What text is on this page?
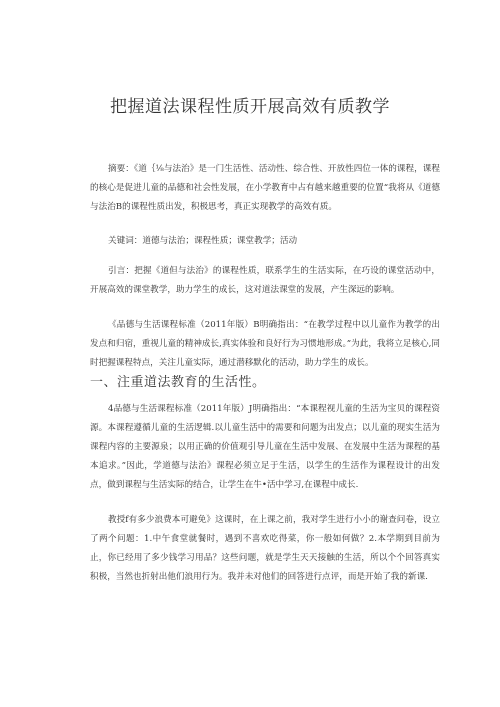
把握道法课程性质开展高效有质教学
摘要：《道｛⅛与法治》是一门生活性、活动性、综合性、开放性四位一体的课程，课程的核心是促进儿童的品德和社会性发展，在小学教育中占有越来越重要的位置“我将从《道德与法治B的课程性质出发，积极思考，真正实现教学的高效有质。
关键词：道德与法治；课程性质；课堂教学；活动
引言：把握《道但与法治》的课程性质，联系学生的生活实际，在巧设的课堂活动中，开展高效的课堂教学，助力学生的成长，这对道法课堂的发展，产生深远的影响。
《品德与生活课程标准（2011年版）B明确指出：“在教学过程中以儿童作为教学的出发点和归宿，重视儿童的精神成长,真实体验和良好行为习惯地形成。”为此，我将立足核心,同时把握课程特点，关注儿童实际，通过潜移默化的活动，助力学生的成长。
一、注重道法教育的生活性。
4品德与生活课程标准（2011年版）J明确指出：“本课程视儿童的生活为宝贝的课程资源。本课程遵循儿童的生活逻辑.以儿童生活中的需要和问题为出发点；以儿童的现实生活为课程内容的主要源泉；以用正确的价值观引导儿童在生活中发展、在发展中生活为课程的基本追求。”因此，学道德与法治》课程必须立足于生活，以学生的生活作为课程设计的出发点，做到课程与生活实际的结合，让学生在牛•活中学习,在课程中成长.
教授f有多少浪费本可避免》这课时，在上课之前，我对学生进行小小的谢查问卷，设立了两个问题：1.中午食堂就餐时，遇到不喜欢吃得菜，你一般如何做？2.本学期到目前为止，你已经用了多少钱学习用品？这些问题，就是学生天天接触的生活，所以个个回答真实积极，当然也折射出他们浪用行为。我并未对他们的回答进行点评，而是开始了我的新课.
